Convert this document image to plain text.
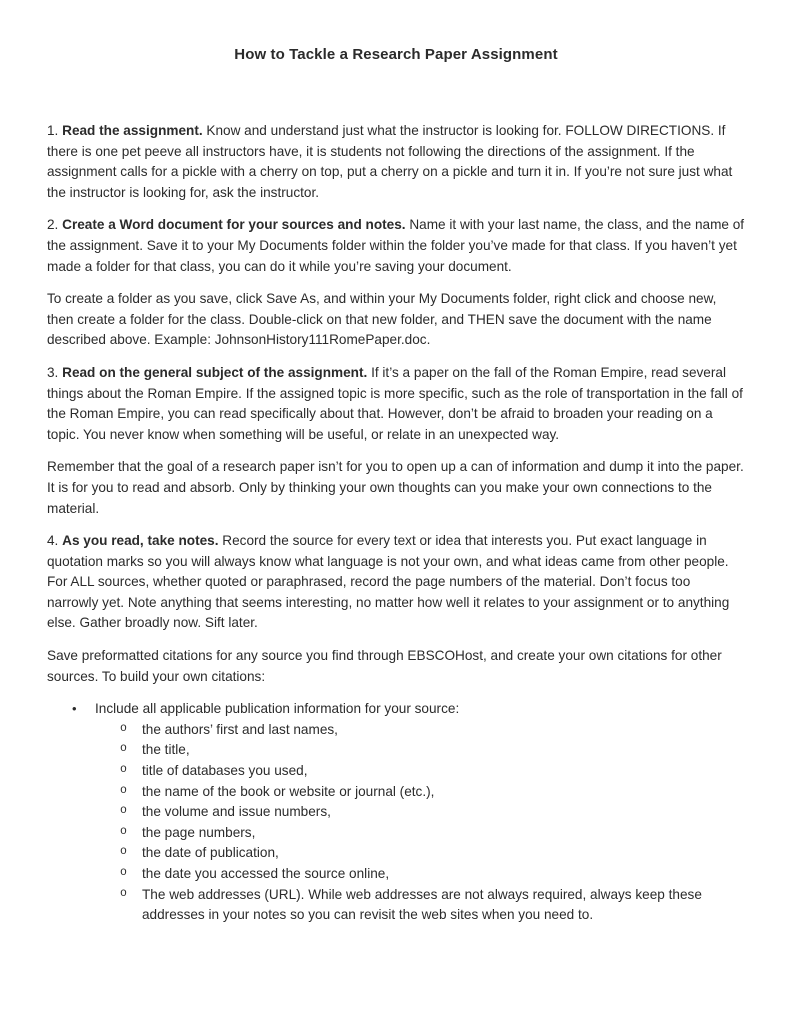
How to Tackle a Research Paper Assignment

1. Read the assignment. Know and understand just what the instructor is looking for. FOLLOW DIRECTIONS. If there is one pet peeve all instructors have, it is students not following the directions of the assignment. If the assignment calls for a pickle with a cherry on top, put a cherry on a pickle and turn it in. If you’re not sure just what the instructor is looking for, ask the instructor.

2. Create a Word document for your sources and notes. Name it with your last name, the class, and the name of the assignment. Save it to your My Documents folder within the folder you’ve made for that class. If you haven’t yet made a folder for that class, you can do it while you’re saving your document.

To create a folder as you save, click Save As, and within your My Documents folder, right click and choose new, then create a folder for the class. Double-click on that new folder, and THEN save the document with the name described above. Example: JohnsonHistory111RomePaper.doc.

3. Read on the general subject of the assignment. If it’s a paper on the fall of the Roman Empire, read several things about the Roman Empire. If the assigned topic is more specific, such as the role of transportation in the fall of the Roman Empire, you can read specifically about that. However, don’t be afraid to broaden your reading on a topic. You never know when something will be useful, or relate in an unexpected way.

Remember that the goal of a research paper isn’t for you to open up a can of information and dump it into the paper. It is for you to read and absorb. Only by thinking your own thoughts can you make your own connections to the material.

4. As you read, take notes. Record the source for every text or idea that interests you. Put exact language in quotation marks so you will always know what language is not your own, and what ideas came from other people. For ALL sources, whether quoted or paraphrased, record the page numbers of the material. Don’t focus too narrowly yet. Note anything that seems interesting, no matter how well it relates to your assignment or to anything else. Gather broadly now. Sift later.

Save preformatted citations for any source you find through EBSCOHost, and create your own citations for other sources. To build your own citations:

• Include all applicable publication information for your source:
o the authors’ first and last names,
o the title,
o title of databases you used,
o the name of the book or website or journal (etc.),
o the volume and issue numbers,
o the page numbers,
o the date of publication,
o the date you accessed the source online,
o The web addresses (URL). While web addresses are not always required, always keep these addresses in your notes so you can revisit the web sites when you need to.
